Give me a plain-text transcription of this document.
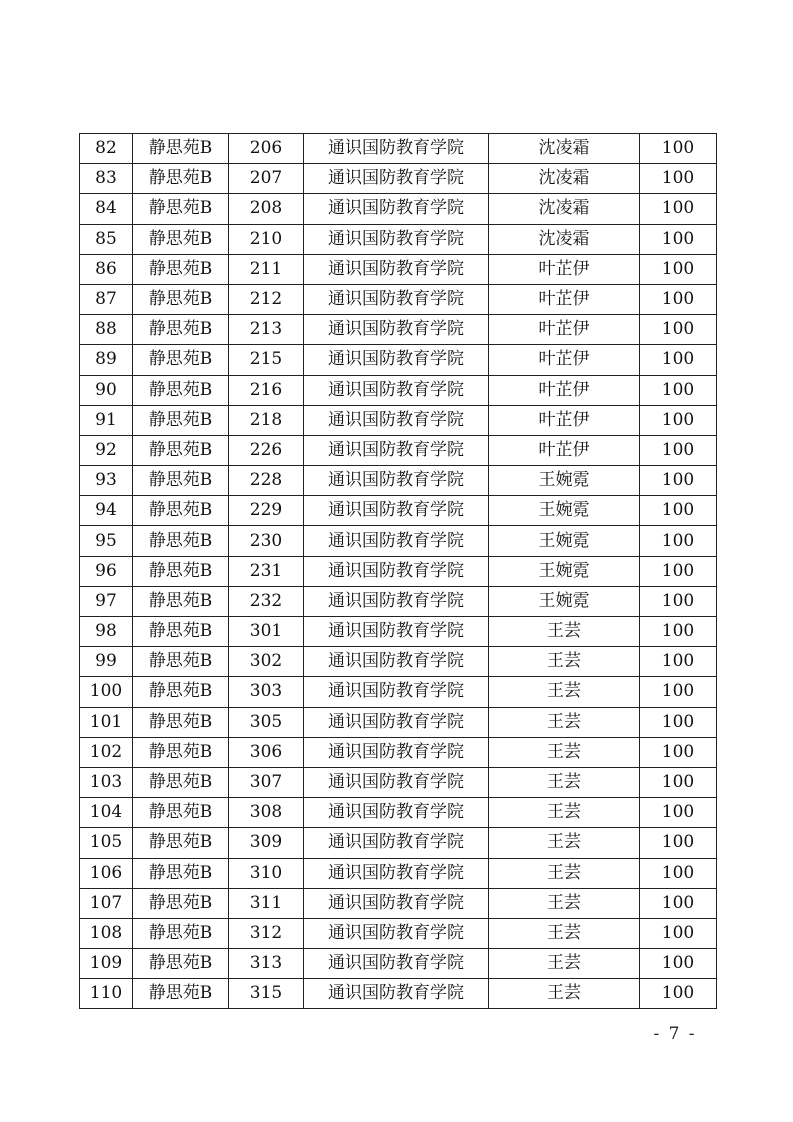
82	静思苑B	206	通识国防教育学院	沈凌霜	100
83	静思苑B	207	通识国防教育学院	沈凌霜	100
84	静思苑B	208	通识国防教育学院	沈凌霜	100
85	静思苑B	210	通识国防教育学院	沈凌霜	100
86	静思苑B	211	通识国防教育学院	叶芷伊	100
87	静思苑B	212	通识国防教育学院	叶芷伊	100
88	静思苑B	213	通识国防教育学院	叶芷伊	100
89	静思苑B	215	通识国防教育学院	叶芷伊	100
90	静思苑B	216	通识国防教育学院	叶芷伊	100
91	静思苑B	218	通识国防教育学院	叶芷伊	100
92	静思苑B	226	通识国防教育学院	叶芷伊	100
93	静思苑B	228	通识国防教育学院	王婉霓	100
94	静思苑B	229	通识国防教育学院	王婉霓	100
95	静思苑B	230	通识国防教育学院	王婉霓	100
96	静思苑B	231	通识国防教育学院	王婉霓	100
97	静思苑B	232	通识国防教育学院	王婉霓	100
98	静思苑B	301	通识国防教育学院	王芸	100
99	静思苑B	302	通识国防教育学院	王芸	100
100	静思苑B	303	通识国防教育学院	王芸	100
101	静思苑B	305	通识国防教育学院	王芸	100
102	静思苑B	306	通识国防教育学院	王芸	100
103	静思苑B	307	通识国防教育学院	王芸	100
104	静思苑B	308	通识国防教育学院	王芸	100
105	静思苑B	309	通识国防教育学院	王芸	100
106	静思苑B	310	通识国防教育学院	王芸	100
107	静思苑B	311	通识国防教育学院	王芸	100
108	静思苑B	312	通识国防教育学院	王芸	100
109	静思苑B	313	通识国防教育学院	王芸	100
110	静思苑B	315	通识国防教育学院	王芸	100
- 7 -
